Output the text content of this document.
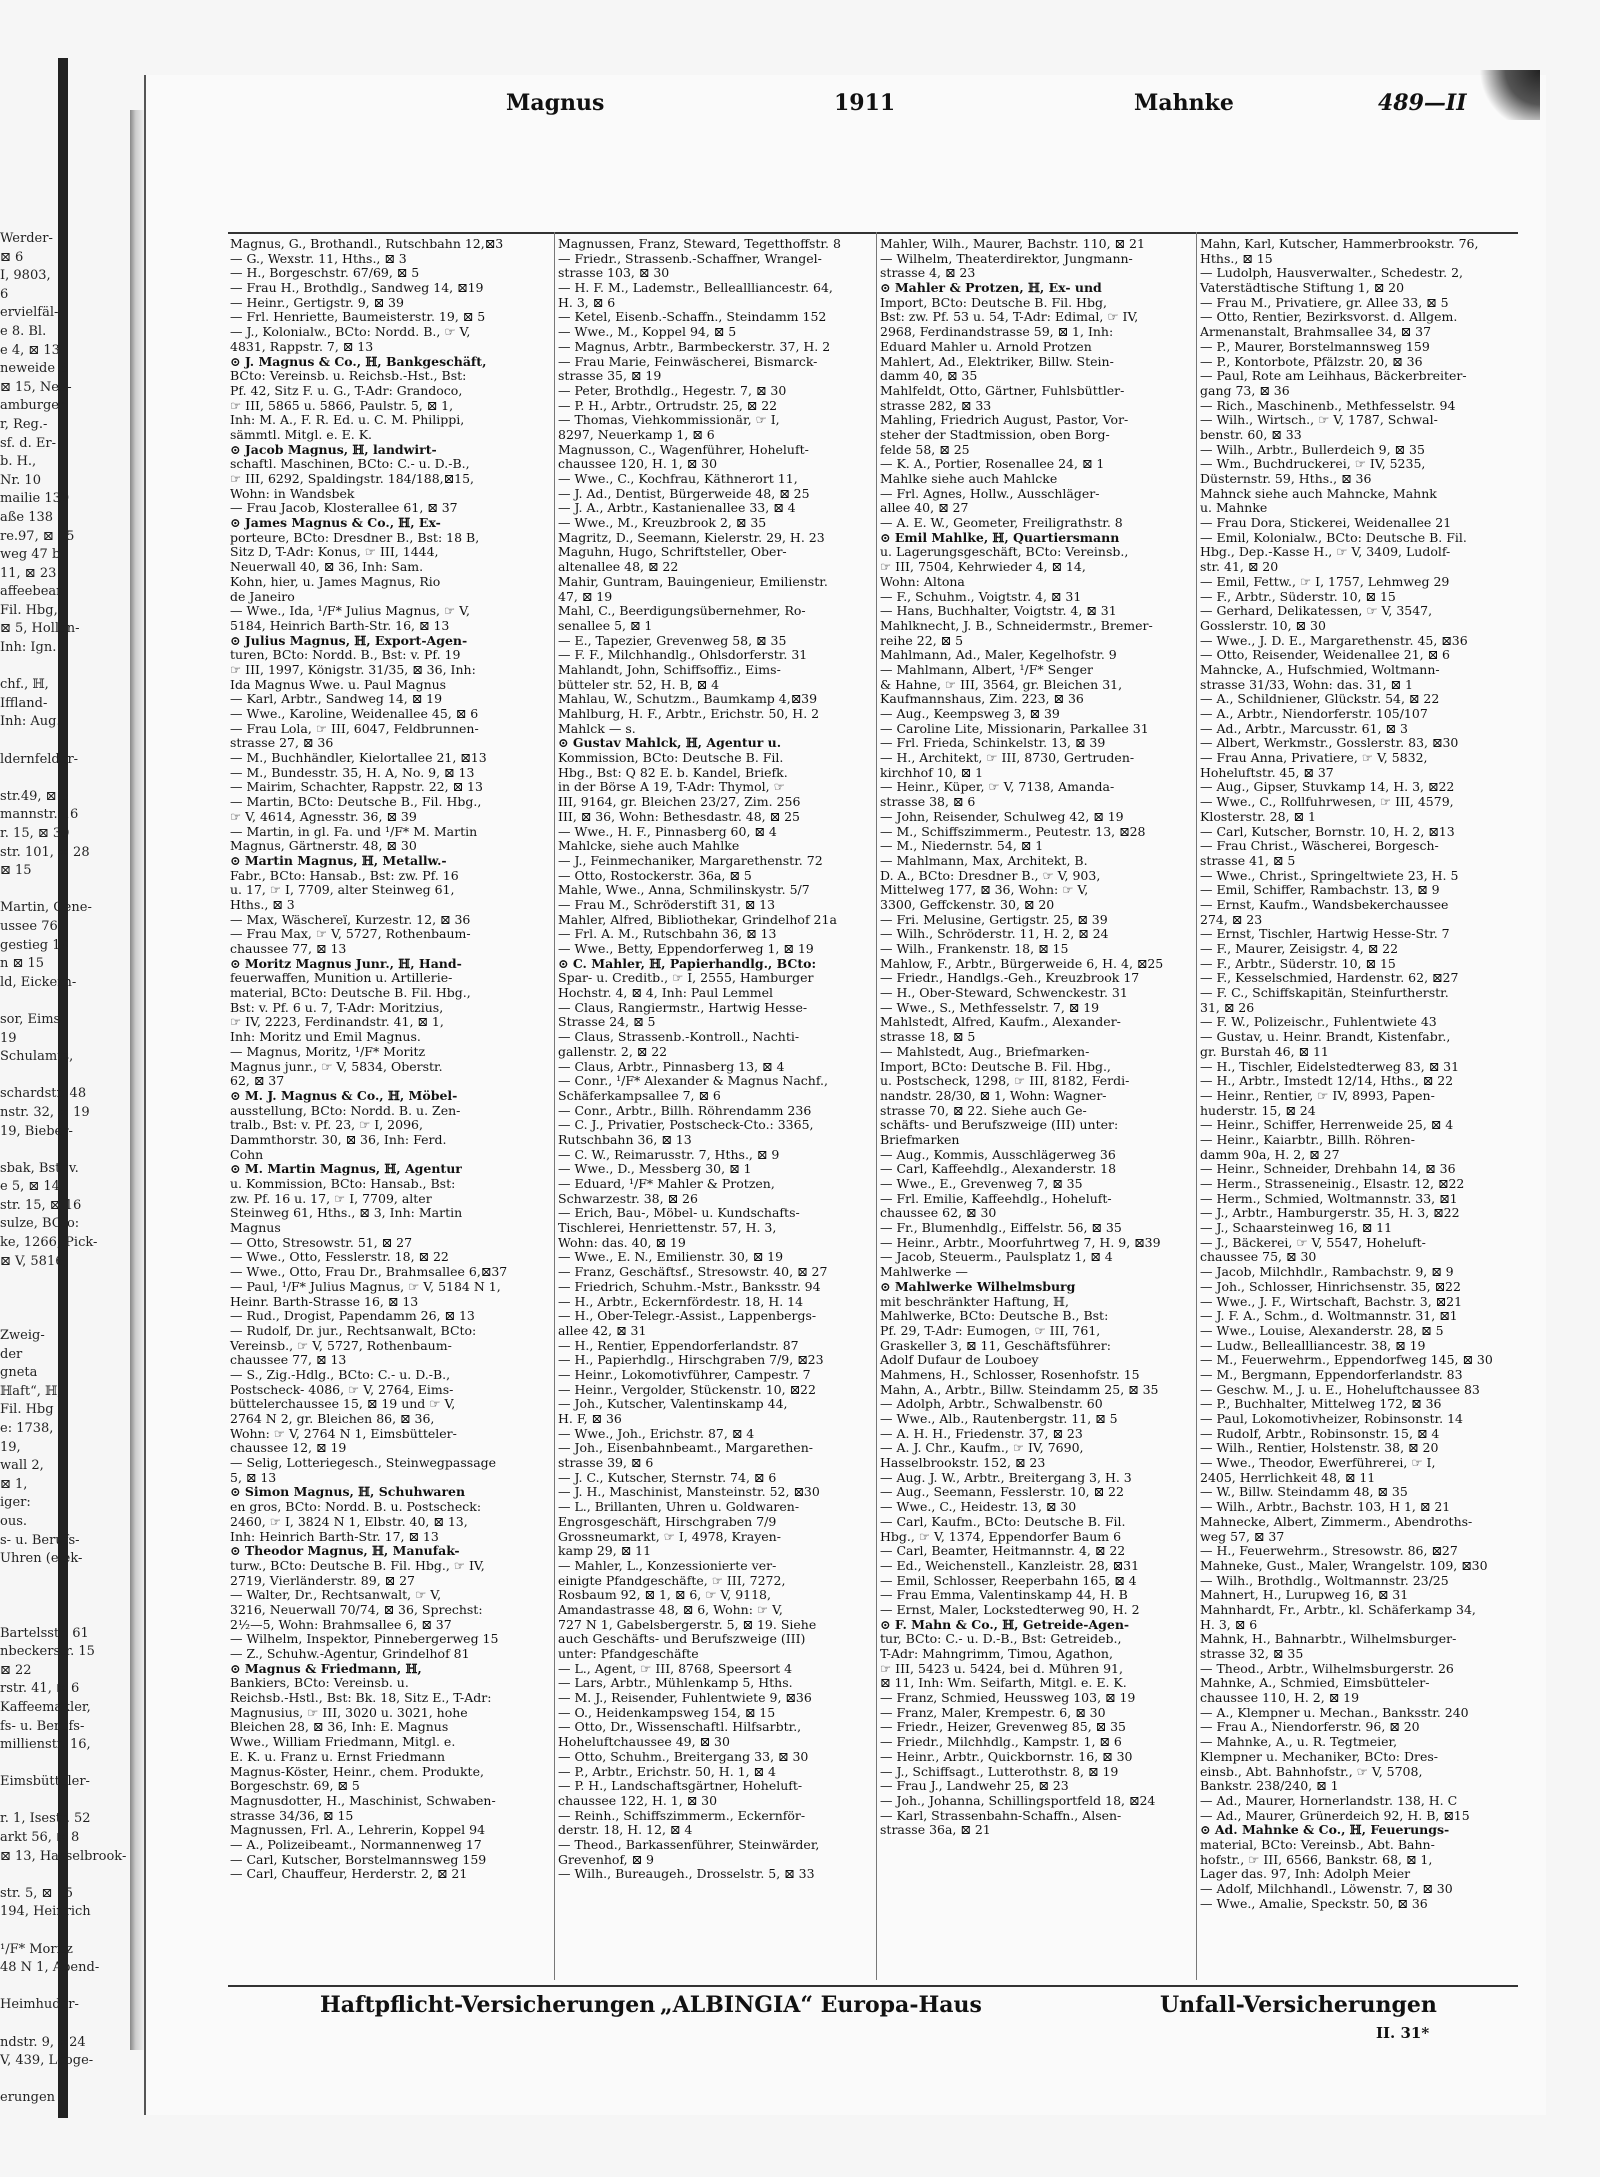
Werder-
⊠ 6
I, 9803,
6
ervielfäl-
e 8. Bl.
e 4, ⊠ 13
neweide 8
⊠ 15, Neu-
amburger
r, Reg.-
sf. d. Er-
b. H.,
Nr. 10
mailie 130
aße 138
re.97, ⊠ 15
weg 47 b
11, ⊠ 23
affeebear-
Fil. Hbg,
⊠ 5, Hollän-
Inh: Ign.
chf., ℍ,
Iffland-
Inh: Aug.
ldernfelder-
str.49, ⊠ 5
mannstr. 16
r. 15, ⊠ 30
str. 101, ⊠ 28
⊠ 15
Martin, Gene-
ussee 76
gestieg 19
n ⊠ 15
ld, Eickern-
sor, Eims-
19
Schulamts,
schardstr. 48
nstr. 32, ⊠ 19
19, Bieber-
sbak, Bst: v.
e 5, ⊠ 14,
str. 15, ⊠ 16
sulze, BCto:
ke, 1266, Pick-
⊠ V, 5816,
Zweig-
der
gneta
ℍaft“, ℍ,
Fil. Hbg
e: 1738,
19,
wall 2,
⊠ 1,
iger:
ous.
s- u. Berufs-
Uhren (elek-
Bartelsstr. 61
nbeckerstr. 15
⊠ 22
rstr. 41, ⊠ 6
Kaffeemakler,
fs- u. Berufs-
millienstr. 16,
Eimsbütteler-
r. 1, Isestr. 52
arkt 56, ⊠ 8
⊠ 13, Hasselbrook-
str. 5, ⊠ 15
194, Heinrich
¹/F* Moritz
48 N 1, Abend-
Heimhuder-
ndstr. 9, ⊠24
V, 439, Looge-
erungen
Magnus	1911	Mahnke	489—II
Magnus, G., Brothandl., Rutschbahn 12,⊠3
— G., Wexstr. 11, Hths., ⊠ 3
— H., Borgeschstr. 67/69, ⊠ 5
— Frau H., Brothdlg., Sandweg 14, ⊠19
— Heinr., Gertigstr. 9, ⊠ 39
— Frl. Henriette, Baumeisterstr. 19, ⊠ 5
— J., Kolonialw., BCto: Nordd. B., ☞ V,
4831, Rappstr. 7, ⊠ 13
⊙ J. Magnus & Co., ℍ, Bankgeschäft,
BCto: Vereinsb. u. Reichsb.-Hst., Bst:
Pf. 42, Sitz F. u. G., T-Adr: Grandoco,
☞ III, 5865 u. 5866, Paulstr. 5, ⊠ 1,
Inh: M. A., F. R. Ed. u. C. M. Philippi,
sämmtl. Mitgl. e. E. K.
⊙ Jacob Magnus, ℍ, landwirt-
schaftl. Maschinen, BCto: C.- u. D.-B.,
☞ III, 6292, Spaldingstr. 184/188,⊠15,
Wohn: in Wandsbek
— Frau Jacob, Klosterallee 61, ⊠ 37
⊙ James Magnus & Co., ℍ, Ex-
porteure, BCto: Dresdner B., Bst: 18 B,
Sitz D, T-Adr: Konus, ☞ III, 1444,
Neuerwall 40, ⊠ 36, Inh: Sam.
Kohn, hier, u. James Magnus, Rio
de Janeiro
— Wwe., Ida, ¹/F* Julius Magnus, ☞ V,
5184, Heinrich Barth-Str. 16, ⊠ 13
⊙ Julius Magnus, ℍ, Export-Agen-
turen, BCto: Nordd. B., Bst: v. Pf. 19
☞ III, 1997, Königstr. 31/35, ⊠ 36, Inh:
Ida Magnus Wwe. u. Paul Magnus
— Karl, Arbtr., Sandweg 14, ⊠ 19
— Wwe., Karoline, Weidenallee 45, ⊠ 6
— Frau Lola, ☞ III, 6047, Feldbrunnen-
strasse 27, ⊠ 36
— M., Buchhändler, Kielortallee 21, ⊠13
— M., Bundesstr. 35, H. A, No. 9, ⊠ 13
— Mairim, Schachter, Rappstr. 22, ⊠ 13
— Martin, BCto: Deutsche B., Fil. Hbg.,
☞ V, 4614, Agnesstr. 36, ⊠ 39
— Martin, in gl. Fa. und ¹/F* M. Martin
Magnus, Gärtnerstr. 48, ⊠ 30
⊙ Martin Magnus, ℍ, Metallw.-
Fabr., BCto: Hansab., Bst: zw. Pf. 16
u. 17, ☞ I, 7709, alter Steinweg 61,
Hths., ⊠ 3
— Max, Wäschereï, Kurzestr. 12, ⊠ 36
— Frau Max, ☞ V, 5727, Rothenbaum-
chaussee 77, ⊠ 13
⊙ Moritz Magnus Junr., ℍ, Hand-
feuerwaffen, Munition u. Artillerie-
material, BCto: Deutsche B. Fil. Hbg.,
Bst: v. Pf. 6 u. 7, T-Adr: Moritzius,
☞ IV, 2223, Ferdinandstr. 41, ⊠ 1,
Inh: Moritz und Emil Magnus.
— Magnus, Moritz, ¹/F* Moritz
Magnus junr., ☞ V, 5834, Oberstr.
62, ⊠ 37
⊙ M. J. Magnus & Co., ℍ, Möbel-
ausstellung, BCto: Nordd. B. u. Zen-
tralb., Bst: v. Pf. 23, ☞ I, 2096,
Dammthorstr. 30, ⊠ 36, Inh: Ferd.
Cohn
⊙ M. Martin Magnus, ℍ, Agentur
u. Kommission, BCto: Hansab., Bst:
zw. Pf. 16 u. 17, ☞ I, 7709, alter
Steinweg 61, Hths., ⊠ 3, Inh: Martin
Magnus
— Otto, Stresowstr. 51, ⊠ 27
— Wwe., Otto, Fesslerstr. 18, ⊠ 22
— Wwe., Otto, Frau Dr., Brahmsallee 6,⊠37
— Paul, ¹/F* Julius Magnus, ☞ V, 5184 N 1,
Heinr. Barth-Strasse 16, ⊠ 13
— Rud., Drogist, Papendamm 26, ⊠ 13
— Rudolf, Dr. jur., Rechtsanwalt, BCto:
Vereinsb., ☞ V, 5727, Rothenbaum-
chaussee 77, ⊠ 13
— S., Zig.-Hdlg., BCto: C.- u. D.-B.,
Postscheck- 4086, ☞ V, 2764, Eims-
büttelerchaussee 15, ⊠ 19 und ☞ V,
2764 N 2, gr. Bleichen 86, ⊠ 36,
Wohn: ☞ V, 2764 N 1, Eimsbütteler-
chaussee 12, ⊠ 19
— Selig, Lotteriegesch., Steinwegpassage
5, ⊠ 13
⊙ Simon Magnus, ℍ, Schuhwaren
en gros, BCto: Nordd. B. u. Postscheck:
2460, ☞ I, 3824 N 1, Elbstr. 40, ⊠ 13,
Inh: Heinrich Barth-Str. 17, ⊠ 13
⊙ Theodor Magnus, ℍ, Manufak-
turw., BCto: Deutsche B. Fil. Hbg., ☞ IV,
2719, Vierländerstr. 89, ⊠ 27
— Walter, Dr., Rechtsanwalt, ☞ V,
3216, Neuerwall 70/74, ⊠ 36, Sprechst:
2½—5, Wohn: Brahmsallee 6, ⊠ 37
— Wilhelm, Inspektor, Pinnebergerweg 15
— Z., Schuhw.-Agentur, Grindelhof 81
⊙ Magnus & Friedmann, ℍ,
Bankiers, BCto: Vereinsb. u.
Reichsb.-Hstl., Bst: Bk. 18, Sitz E., T-Adr:
Magnusius, ☞ III, 3020 u. 3021, hohe
Bleichen 28, ⊠ 36, Inh: E. Magnus
Wwe., William Friedmann, Mitgl. e.
E. K. u. Franz u. Ernst Friedmann
Magnus-Köster, Heinr., chem. Produkte,
Borgeschstr. 69, ⊠ 5
Magnusdotter, H., Maschinist, Schwaben-
strasse 34/36, ⊠ 15
Magnussen, Frl. A., Lehrerin, Koppel 94
— A., Polizeibeamt., Normannenweg 17
— Carl, Kutscher, Borstelmannsweg 159
— Carl, Chauffeur, Herderstr. 2, ⊠ 21
Magnussen, Franz, Steward, Tegetthoffstr. 8
— Friedr., Strassenb.-Schaffner, Wrangel-
strasse 103, ⊠ 30
— H. F. M., Lademstr., Belleallliancestr. 64,
H. 3, ⊠ 6
— Ketel, Eisenb.-Schaffn., Steindamm 152
— Wwe., M., Koppel 94, ⊠ 5
— Magnus, Arbtr., Barmbeckerstr. 37, H. 2
— Frau Marie, Feinwäscherei, Bismarck-
strasse 35, ⊠ 19
— Peter, Brothdlg., Hegestr. 7, ⊠ 30
— P. H., Arbtr., Ortrudstr. 25, ⊠ 22
— Thomas, Viehkommissionär, ☞ I,
8297, Neuerkamp 1, ⊠ 6
Magnusson, C., Wagenführer, Hoheluft-
chaussee 120, H. 1, ⊠ 30
— Wwe., C., Kochfrau, Käthnerort 11,
— J. Ad., Dentist, Bürgerweide 48, ⊠ 25
— J. A., Arbtr., Kastanienallee 33, ⊠ 4
— Wwe., M., Kreuzbrook 2, ⊠ 35
Magritz, D., Seemann, Kielerstr. 29, H. 23
Maguhn, Hugo, Schriftsteller, Ober-
altenallee 48, ⊠ 22
Mahir, Guntram, Bauingenieur, Emilienstr.
47, ⊠ 19
Mahl, C., Beerdigungsübernehmer, Ro-
senallee 5, ⊠ 1
— E., Tapezier, Grevenweg 58, ⊠ 35
— F. F., Milchhandlg., Ohlsdorferstr. 31
Mahlandt, John, Schiffsoffiz., Eims-
bütteler str. 52, H. B, ⊠ 4
Mahlau, W., Schutzm., Baumkamp 4,⊠39
Mahlburg, H. F., Arbtr., Erichstr. 50, H. 2
Mahlck — s.
⊙ Gustav Mahlck, ℍ, Agentur u.
Kommission, BCto: Deutsche B. Fil.
Hbg., Bst: Q 82 E. b. Kandel, Briefk.
in der Börse A 19, T-Adr: Thymol, ☞
III, 9164, gr. Bleichen 23/27, Zim. 256
III, ⊠ 36, Wohn: Bethesdastr. 48, ⊠ 25
— Wwe., H. F., Pinnasberg 60, ⊠ 4
Mahlcke, siehe auch Mahlke
— J., Feinmechaniker, Margarethenstr. 72
— Otto, Rostockerstr. 36a, ⊠ 5
Mahle, Wwe., Anna, Schmilinskystr. 5/7
— Frau M., Schröderstift 31, ⊠ 13
Mahler, Alfred, Bibliothekar, Grindelhof 21a
— Frl. A. M., Rutschbahn 36, ⊠ 13
— Wwe., Betty, Eppendorferweg 1, ⊠ 19
⊙ C. Mahler, ℍ, Papierhandlg., BCto:
Spar- u. Creditb., ☞ I, 2555, Hamburger
Hochstr. 4, ⊠ 4, Inh: Paul Lemmel
— Claus, Rangiermstr., Hartwig Hesse-
Strasse 24, ⊠ 5
— Claus, Strassenb.-Kontroll., Nachti-
gallenstr. 2, ⊠ 22
— Claus, Arbtr., Pinnasberg 13, ⊠ 4
— Conr., ¹/F* Alexander & Magnus Nachf.,
Schäferkampsallee 7, ⊠ 6
— Conr., Arbtr., Billh. Röhrendamm 236
— C. J., Privatier, Postscheck-Cto.: 3365,
Rutschbahn 36, ⊠ 13
— C. W., Reimarusstr. 7, Hths., ⊠ 9
— Wwe., D., Messberg 30, ⊠ 1
— Eduard, ¹/F* Mahler & Protzen,
Schwarzestr. 38, ⊠ 26
— Erich, Bau-, Möbel- u. Kundschafts-
Tischlerei, Henriettenstr. 57, H. 3,
Wohn: das. 40, ⊠ 19
— Wwe., E. N., Emilienstr. 30, ⊠ 19
— Franz, Geschäftsf., Stresowstr. 40, ⊠ 27
— Friedrich, Schuhm.-Mstr., Banksstr. 94
— H., Arbtr., Eckernfördestr. 18, H. 14
— H., Ober-Telegr.-Assist., Lappenbergs-
allee 42, ⊠ 31
— H., Rentier, Eppendorferlandstr. 87
— H., Papierhdlg., Hirschgraben 7/9, ⊠23
— Heinr., Lokomotivführer, Campestr. 7
— Heinr., Vergolder, Stückenstr. 10, ⊠22
— Joh., Kutscher, Valentinskamp 44,
H. F, ⊠ 36
— Wwe., Joh., Erichstr. 87, ⊠ 4
— Joh., Eisenbahnbeamt., Margarethen-
strasse 39, ⊠ 6
— J. C., Kutscher, Sternstr. 74, ⊠ 6
— J. H., Maschinist, Mansteinstr. 52, ⊠30
— L., Brillanten, Uhren u. Goldwaren-
Engrosgeschäft, Hirschgraben 7/9
Grossneumarkt, ☞ I, 4978, Krayen-
kamp 29, ⊠ 11
— Mahler, L., Konzessionierte ver-
einigte Pfandgeschäfte, ☞ III, 7272,
Rosbaum 92, ⊠ 1, ⊠ 6, ☞ V, 9118,
Amandastrasse 48, ⊠ 6, Wohn: ☞ V,
727 N 1, Gabelsbergerstr. 5, ⊠ 19. Siehe
auch Geschäfts- und Berufszweige (III)
unter: Pfandgeschäfte
— L., Agent, ☞ III, 8768, Speersort 4
— Lars, Arbtr., Mühlenkamp 5, Hths.
— M. J., Reisender, Fuhlentwiete 9, ⊠36
— O., Heidenkampsweg 154, ⊠ 15
— Otto, Dr., Wissenschaftl. Hilfsarbtr.,
Hoheluftchaussee 49, ⊠ 30
— Otto, Schuhm., Breitergang 33, ⊠ 30
— P., Arbtr., Erichstr. 50, H. 1, ⊠ 4
— P. H., Landschaftsgärtner, Hoheluft-
chaussee 122, H. 1, ⊠ 30
— Reinh., Schiffszimmerm., Eckernför-
derstr. 18, H. 12, ⊠ 4
— Theod., Barkassenführer, Steinwärder,
Grevenhof, ⊠ 9
— Wilh., Bureaugeh., Drosselstr. 5, ⊠ 33
Mahler, Wilh., Maurer, Bachstr. 110, ⊠ 21
— Wilhelm, Theaterdirektor, Jungmann-
strasse 4, ⊠ 23
⊙ Mahler & Protzen, ℍ, Ex- und
Import, BCto: Deutsche B. Fil. Hbg,
Bst: zw. Pf. 53 u. 54, T-Adr: Edimal, ☞ IV,
2968, Ferdinandstrasse 59, ⊠ 1, Inh:
Eduard Mahler u. Arnold Protzen
Mahlert, Ad., Elektriker, Billw. Stein-
damm 40, ⊠ 35
Mahlfeldt, Otto, Gärtner, Fuhlsbüttler-
strasse 282, ⊠ 33
Mahling, Friedrich August, Pastor, Vor-
steher der Stadtmission, oben Borg-
felde 58, ⊠ 25
— K. A., Portier, Rosenallee 24, ⊠ 1
Mahlke siehe auch Mahlcke
— Frl. Agnes, Hollw., Ausschläger-
allee 40, ⊠ 27
— A. E. W., Geometer, Freiligrathstr. 8
⊙ Emil Mahlke, ℍ, Quartiersmann
u. Lagerungsgeschäft, BCto: Vereinsb.,
☞ III, 7504, Kehrwieder 4, ⊠ 14,
Wohn: Altona
— F., Schuhm., Voigtstr. 4, ⊠ 31
— Hans, Buchhalter, Voigtstr. 4, ⊠ 31
Mahlknecht, J. B., Schneidermstr., Bremer-
reihe 22, ⊠ 5
Mahlmann, Ad., Maler, Kegelhofstr. 9
— Mahlmann, Albert, ¹/F* Senger
& Hahne, ☞ III, 3564, gr. Bleichen 31,
Kaufmannshaus, Zim. 223, ⊠ 36
— Aug., Keempsweg 3, ⊠ 39
— Caroline Lite, Missionarin, Parkallee 31
— Frl. Frieda, Schinkelstr. 13, ⊠ 39
— H., Architekt, ☞ III, 8730, Gertruden-
kirchhof 10, ⊠ 1
— Heinr., Küper, ☞ V, 7138, Amanda-
strasse 38, ⊠ 6
— John, Reisender, Schulweg 42, ⊠ 19
— M., Schiffszimmerm., Peutestr. 13, ⊠28
— M., Niedernstr. 54, ⊠ 1
— Mahlmann, Max, Architekt, B.
D. A., BCto: Dresdner B., ☞ V, 903,
Mittelweg 177, ⊠ 36, Wohn: ☞ V,
3300, Geffckenstr. 30, ⊠ 20
— Fri. Melusine, Gertigstr. 25, ⊠ 39
— Wilh., Schröderstr. 11, H. 2, ⊠ 24
— Wilh., Frankenstr. 18, ⊠ 15
Mahlow, F., Arbtr., Bürgerweide 6, H. 4, ⊠25
— Friedr., Handlgs.-Geh., Kreuzbrook 17
— H., Ober-Steward, Schwenckestr. 31
— Wwe., S., Methfesselstr. 7, ⊠ 19
Mahlstedt, Alfred, Kaufm., Alexander-
strasse 18, ⊠ 5
— Mahlstedt, Aug., Briefmarken-
Import, BCto: Deutsche B. Fil. Hbg.,
u. Postscheck, 1298, ☞ III, 8182, Ferdi-
nandstr. 28/30, ⊠ 1, Wohn: Wagner-
strasse 70, ⊠ 22. Siehe auch Ge-
schäfts- und Berufszweige (III) unter:
Briefmarken
— Aug., Kommis, Ausschlägerweg 36
— Carl, Kaffeehdlg., Alexanderstr. 18
— Wwe., E., Grevenweg 7, ⊠ 35
— Frl. Emilie, Kaffeehdlg., Hoheluft-
chaussee 62, ⊠ 30
— Fr., Blumenhdlg., Eiffelstr. 56, ⊠ 35
— Heinr., Arbtr., Moorfuhrtweg 7, H. 9, ⊠39
— Jacob, Steuerm., Paulsplatz 1, ⊠ 4
Mahlwerke —
⊙ Mahlwerke Wilhelmsburg
mit beschränkter Haftung, ℍ,
Mahlwerke, BCto: Deutsche B., Bst:
Pf. 29, T-Adr: Eumogen, ☞ III, 761,
Graskeller 3, ⊠ 11, Geschäftsführer:
Adolf Dufaur de Louboey
Mahmens, H., Schlosser, Rosenhofstr. 15
Mahn, A., Arbtr., Billw. Steindamm 25, ⊠ 35
— Adolph, Arbtr., Schwalbenstr. 60
— Wwe., Alb., Rautenbergstr. 11, ⊠ 5
— A. H. H., Friedenstr. 37, ⊠ 23
— A. J. Chr., Kaufm., ☞ IV, 7690,
Hasselbrookstr. 152, ⊠ 23
— Aug. J. W., Arbtr., Breitergang 3, H. 3
— Aug., Seemann, Fesslerstr. 10, ⊠ 22
— Wwe., C., Heidestr. 13, ⊠ 30
— Carl, Kaufm., BCto: Deutsche B. Fil.
Hbg., ☞ V, 1374, Eppendorfer Baum 6
— Carl, Beamter, Heitmannstr. 4, ⊠ 22
— Ed., Weichenstell., Kanzleistr. 28, ⊠31
— Emil, Schlosser, Reeperbahn 165, ⊠ 4
— Frau Emma, Valentinskamp 44, H. B
— Ernst, Maler, Lockstedterweg 90, H. 2
⊙ F. Mahn & Co., ℍ, Getreide-Agen-
tur, BCto: C.- u. D.-B., Bst: Getreideb.,
T-Adr: Mahngrimm, Timou, Agathon,
☞ III, 5423 u. 5424, bei d. Mühren 91,
⊠ 11, Inh: Wm. Seifarth, Mitgl. e. E. K.
— Franz, Schmied, Heussweg 103, ⊠ 19
— Franz, Maler, Krempestr. 6, ⊠ 30
— Friedr., Heizer, Grevenweg 85, ⊠ 35
— Friedr., Milchhdlg., Kampstr. 1, ⊠ 6
— Heinr., Arbtr., Quickbornstr. 16, ⊠ 30
— J., Schiffsagt., Lutterothstr. 8, ⊠ 19
— Frau J., Landwehr 25, ⊠ 23
— Joh., Johanna, Schillingsportfeld 18, ⊠24
— Karl, Strassenbahn-Schaffn., Alsen-
strasse 36a, ⊠ 21
Mahn, Karl, Kutscher, Hammerbrookstr. 76,
Hths., ⊠ 15
— Ludolph, Hausverwalter., Schedestr. 2,
Vaterstädtische Stiftung 1, ⊠ 20
— Frau M., Privatiere, gr. Allee 33, ⊠ 5
— Otto, Rentier, Bezirksvorst. d. Allgem.
Armenanstalt, Brahmsallee 34, ⊠ 37
— P., Maurer, Borstelmannsweg 159
— P., Kontorbote, Pfälzstr. 20, ⊠ 36
— Paul, Rote am Leihhaus, Bäckerbreiter-
gang 73, ⊠ 36
— Rich., Maschinenb., Methfesselstr. 94
— Wilh., Wirtsch., ☞ V, 1787, Schwal-
benstr. 60, ⊠ 33
— Wilh., Arbtr., Bullerdeich 9, ⊠ 35
— Wm., Buchdruckerei, ☞ IV, 5235,
Düsternstr. 59, Hths., ⊠ 36
Mahnck siehe auch Mahncke, Mahnk
u. Mahnke
— Frau Dora, Stickerei, Weidenallee 21
— Emil, Kolonialw., BCto: Deutsche B. Fil.
Hbg., Dep.-Kasse H., ☞ V, 3409, Ludolf-
str. 41, ⊠ 20
— Emil, Fettw., ☞ I, 1757, Lehmweg 29
— F., Arbtr., Süderstr. 10, ⊠ 15
— Gerhard, Delikatessen, ☞ V, 3547,
Gosslerstr. 10, ⊠ 30
— Wwe., J. D. E., Margarethenstr. 45, ⊠36
— Otto, Reisender, Weidenallee 21, ⊠ 6
Mahncke, A., Hufschmied, Woltmann-
strasse 31/33, Wohn: das. 31, ⊠ 1
— A., Schildniener, Glückstr. 54, ⊠ 22
— A., Arbtr., Niendorferstr. 105/107
— Ad., Arbtr., Marcusstr. 61, ⊠ 3
— Albert, Werkmstr., Gosslerstr. 83, ⊠30
— Frau Anna, Privatiere, ☞ V, 5832,
Hoheluftstr. 45, ⊠ 37
— Aug., Gipser, Stuvkamp 14, H. 3, ⊠22
— Wwe., C., Rollfuhrwesen, ☞ III, 4579,
Klosterstr. 28, ⊠ 1
— Carl, Kutscher, Bornstr. 10, H. 2, ⊠13
— Frau Christ., Wäscherei, Borgesch-
strasse 41, ⊠ 5
— Wwe., Christ., Springeltwiete 23, H. 5
— Emil, Schiffer, Rambachstr. 13, ⊠ 9
— Ernst, Kaufm., Wandsbekerchaussee
274, ⊠ 23
— Ernst, Tischler, Hartwig Hesse-Str. 7
— F., Maurer, Zeisigstr. 4, ⊠ 22
— F., Arbtr., Süderstr. 10, ⊠ 15
— F., Kesselschmied, Hardenstr. 62, ⊠27
— F. C., Schiffskapitän, Steinfurtherstr.
31, ⊠ 26
— F. W., Polizeischr., Fuhlentwiete 43
— Gustav, u. Heinr. Brandt, Kistenfabr.,
gr. Burstah 46, ⊠ 11
— H., Tischler, Eidelstedterweg 83, ⊠ 31
— H., Arbtr., Imstedt 12/14, Hths., ⊠ 22
— Heinr., Rentier, ☞ IV, 8993, Papen-
huderstr. 15, ⊠ 24
— Heinr., Schiffer, Herrenweide 25, ⊠ 4
— Heinr., Kaiarbtr., Billh. Röhren-
damm 90a, H. 2, ⊠ 27
— Heinr., Schneider, Drehbahn 14, ⊠ 36
— Herm., Strasseneinig., Elsastr. 12, ⊠22
— Herm., Schmied, Woltmannstr. 33, ⊠1
— J., Arbtr., Hamburgerstr. 35, H. 3, ⊠22
— J., Schaarsteinweg 16, ⊠ 11
— J., Bäckerei, ☞ V, 5547, Hoheluft-
chaussee 75, ⊠ 30
— Jacob, Milchhdlr., Rambachstr. 9, ⊠ 9
— Joh., Schlosser, Hinrichsenstr. 35, ⊠22
— Wwe., J. F., Wirtschaft, Bachstr. 3, ⊠21
— J. F. A., Schm., d. Woltmannstr. 31, ⊠1
— Wwe., Louise, Alexanderstr. 28, ⊠ 5
— Ludw., Belleallliancestr. 38, ⊠ 19
— M., Feuerwehrm., Eppendorfweg 145, ⊠ 30
— M., Bergmann, Eppendorferlandstr. 83
— Geschw. M., J. u. E., Hoheluftchaussee 83
— P., Buchhalter, Mittelweg 172, ⊠ 36
— Paul, Lokomotivheizer, Robinsonstr. 14
— Rudolf, Arbtr., Robinsonstr. 15, ⊠ 4
— Wilh., Rentier, Holstenstr. 38, ⊠ 20
— Wwe., Theodor, Ewerführerei, ☞ I,
2405, Herrlichkeit 48, ⊠ 11
— W., Billw. Steindamm 48, ⊠ 35
— Wilh., Arbtr., Bachstr. 103, H 1, ⊠ 21
Mahnecke, Albert, Zimmerm., Abendroths-
weg 57, ⊠ 37
— H., Feuerwehrm., Stresowstr. 86, ⊠27
Mahneke, Gust., Maler, Wrangelstr. 109, ⊠30
— Wilh., Brothdlg., Woltmannstr. 23/25
Mahnert, H., Lurupweg 16, ⊠ 31
Mahnhardt, Fr., Arbtr., kl. Schäferkamp 34,
H. 3, ⊠ 6
Mahnk, H., Bahnarbtr., Wilhelmsburger-
strasse 32, ⊠ 35
— Theod., Arbtr., Wilhelmsburgerstr. 26
Mahnke, A., Schmied, Eimsbütteler-
chaussee 110, H. 2, ⊠ 19
— A., Klempner u. Mechan., Banksstr. 240
— Frau A., Niendorferstr. 96, ⊠ 20
— Mahnke, A., u. R. Tegtmeier,
Klempner u. Mechaniker, BCto: Dres-
einsb., Abt. Bahnhofstr., ☞ V, 5708,
Bankstr. 238/240, ⊠ 1
— Ad., Maurer, Hornerlandstr. 138, H. C
— Ad., Maurer, Grünerdeich 92, H. B, ⊠15
⊙ Ad. Mahnke & Co., ℍ, Feuerungs-
material, BCto: Vereinsb., Abt. Bahn-
hofstr., ☞ III, 6566, Bankstr. 68, ⊠ 1,
Lager das. 97, Inh: Adolph Meier
— Adolf, Milchhandl., Löwenstr. 7, ⊠ 30
— Wwe., Amalie, Speckstr. 50, ⊠ 36
Haftpflicht-Versicherungen „ALBINGIA“ Europa-Haus	Unfall-Versicherungen
II. 31*
